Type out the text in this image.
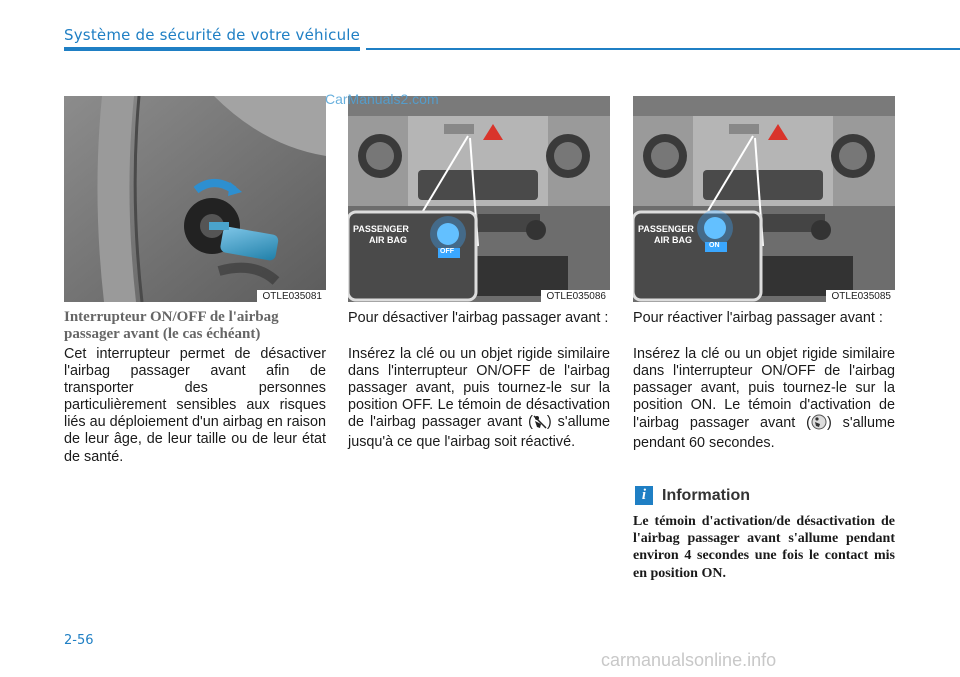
Système de sécurité de votre véhicule
OTLE035081
PASSENGER
AIR BAG
OFF
OTLE035086
PASSENGER
AIR BAG
ON
OTLE035085
CarManuals2.com
Interrupteur ON/OFF de l'airbag
passager avant (le cas échéant)
Cet interrupteur permet de désactiver l'airbag passager avant afin de transporter des personnes particulièrement sensibles aux risques liés au déploiement d'un airbag en raison de leur âge, de leur taille ou de leur état de santé.
Pour désactiver l'airbag passager avant :
Insérez la clé ou un objet rigide similaire dans l'interrupteur ON/OFF de l'airbag passager avant, puis tournez-le sur la position OFF. Le témoin de désactivation de l'airbag passager avant ( ) s'allume jusqu'à ce que l'airbag soit réactivé.
Pour réactiver l'airbag passager avant :
Insérez la clé ou un objet rigide similaire dans l'interrupteur ON/OFF de l'airbag passager avant, puis tournez-le sur la position ON. Le témoin d'activation de l'airbag passager avant ( ) s'allume pendant 60 secondes.
i Information
Le témoin d'activation/de désactivation de l'airbag passager avant s'allume pendant environ 4 secondes une fois le contact mis en position ON.
2-56
carmanualsonline.info
